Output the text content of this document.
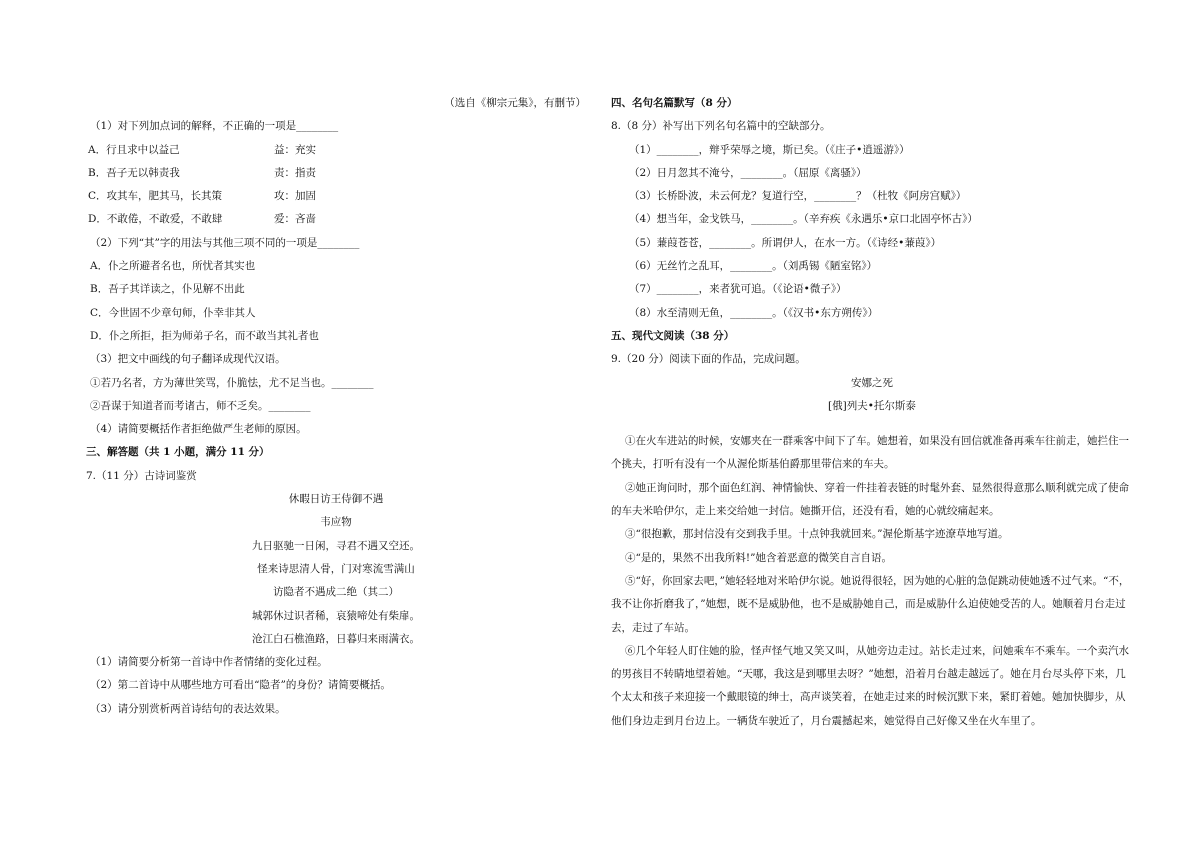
（选自《柳宗元集》，有删节）
（1）对下列加点词的解释，不正确的一项是________
A．行且求中以益己	益：充实
B．吾子无以韩责我	责：指责
C．攻其车，肥其马，长其策	攻：加固
D．不敢倦，不敢爱，不敢肆	爱：吝啬
（2）下列“其”字的用法与其他三项不同的一项是________
A．仆之所避者名也，所忧者其实也
B．吾子其详读之，仆见解不出此
C．今世固不少章句师，仆幸非其人
D．仆之所拒，拒为师弟子名，而不敢当其礼者也
（3）把文中画线的句子翻译成现代汉语。
①若乃名者，方为薄世笑骂，仆脆怯，尤不足当也。________
②吾谋于知道者而考诸古，师不乏矣。________
（4）请简要概括作者拒绝做严生老师的原因。
三、解答题（共 1 小题，满分 11 分）
7.（11 分）古诗词鉴赏
休暇日访王侍御不遇
韦应物
九日驱驰一日闲，寻君不遇又空还。
怪来诗思清人骨，门对寒流雪满山
访隐者不遇成二绝（其二）
城郭休过识者稀，哀猿啼处有柴扉。
沧江白石樵渔路，日暮归来雨满衣。
（1）请简要分析第一首诗中作者情绪的变化过程。
（2）第二首诗中从哪些地方可看出“隐者”的身份？请简要概括。
（3）请分别赏析两首诗结句的表达效果。
四、名句名篇默写（8 分）
8.（8 分）补写出下列名句名篇中的空缺部分。
（1）________，辩乎荣辱之境，斯已矣。（《庄子•逍遥游》）
（2）日月忽其不淹兮，________。（屈原《离骚》）
（3）长桥卧波，未云何龙？复道行空，________？（杜牧《阿房宫赋》）
（4）想当年，金戈铁马，________。（辛弃疾《永遇乐•京口北固亭怀古》）
（5）蒹葭苍苍，________。所谓伊人，在水一方。（《诗经•蒹葭》）
（6）无丝竹之乱耳，________。（刘禹锡《陋室铭》）
（7）________，来者犹可追。（《论语•微子》）
（8）水至清则无鱼，________。（《汉书•东方朔传》）
五、现代文阅读（38 分）
9.（20 分）阅读下面的作品，完成问题。
安娜之死
[俄]列夫•托尔斯泰
①在火车进站的时候，安娜夹在一群乘客中间下了车。她想着，如果没有回信就准备再乘车往前走，她拦住一个挑夫，打听有没有一个从渥伦斯基伯爵那里带信来的车夫。
②她正询问时，那个面色红润、神情愉快、穿着一件挂着表链的时髦外套、显然很得意那么顺利就完成了使命的车夫米哈伊尔，走上来交给她一封信。她撕开信，还没有看，她的心就绞痛起来。
③“很抱歉，那封信没有交到我手里。十点钟我就回来。”渥伦斯基字迹潦草地写道。
④“是的，果然不出我所料!”她含着恶意的微笑自言自语。
⑤“好，你回家去吧，”她轻轻地对米哈伊尔说。她说得很轻，因为她的心脏的急促跳动使她透不过气来。“不，我不让你折磨我了，”她想，既不是威胁他，也不是威胁她自己，而是威胁什么迫使她受苦的人。她顺着月台走过去，走过了车站。
⑥几个年轻人盯住她的脸，怪声怪气地又笑又叫，从她旁边走过。站长走过来，问她乘车不乘车。一个卖汽水的男孩目不转睛地望着她。“天哪，我这是到哪里去呀？”她想，沿着月台越走越远了。她在月台尽头停下来，几个太太和孩子来迎接一个戴眼镜的绅士，高声谈笑着，在她走过来的时候沉默下来，紧盯着她。她加快脚步，从他们身边走到月台边上。一辆货车驶近了，月台震撼起来，她觉得自己好像又坐在火车里了。
